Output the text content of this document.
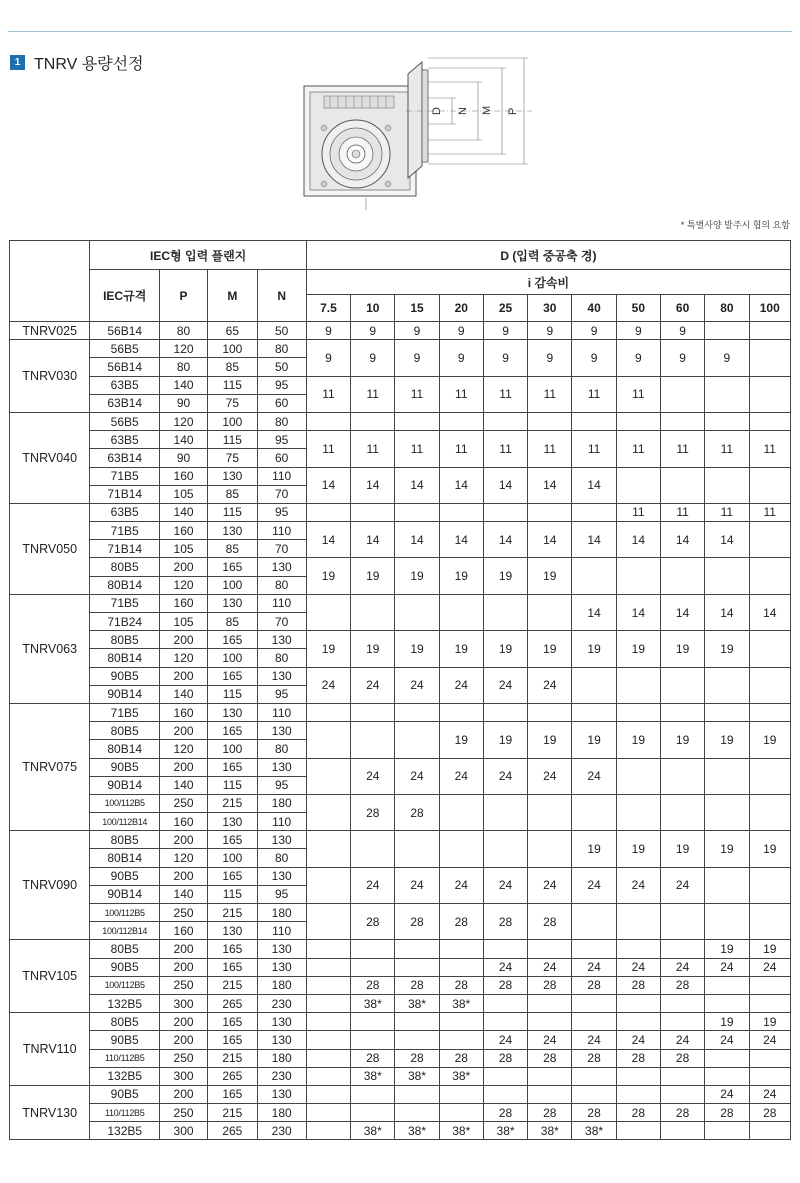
1 TNRV 용량선정
D N M P
* 특별사양 발주시 협의 요함
	IEC형 입력 플랜지				D (입력 중공축 경)										
	IEC규격	P	M	N	i 감속비										
					7.5	10	15	20	25	30	40	50	60	80	100
TNRV025	56B14	80	65	50	9	9	9	9	9	9	9	9	9		
TNRV030	56B5	120	100	80	9	9	9	9	9	9	9	9	9	9	
	56B14	80	85	50											
	63B5	140	115	95	11	11	11	11	11	11	11	11			
	63B14	90	75	60											
TNRV040	56B5	120	100	80											
	63B5	140	115	95	11	11	11	11	11	11	11	11	11	11	11
	63B14	90	75	60											
	71B5	160	130	110	14	14	14	14	14	14	14				
	71B14	105	85	70											
TNRV050	63B5	140	115	95								11	11	11	11
	71B5	160	130	110	14	14	14	14	14	14	14	14	14	14	
	71B14	105	85	70											
	80B5	200	165	130	19	19	19	19	19	19					
	80B14	120	100	80											
TNRV063	71B5	160	130	110							14	14	14	14	14
	71B24	105	85	70											
	80B5	200	165	130	19	19	19	19	19	19	19	19	19	19	
	80B14	120	100	80											
	90B5	200	165	130	24	24	24	24	24	24					
	90B14	140	115	95											
TNRV075	71B5	160	130	110											
	80B5	200	165	130				19	19	19	19	19	19	19	19
	80B14	120	100	80											
	90B5	200	165	130		24	24	24	24	24	24				
	90B14	140	115	95											
	100/112B5	250	215	180		28	28								
	100/112B14	160	130	110											
TNRV090	80B5	200	165	130							19	19	19	19	19
	80B14	120	100	80											
	90B5	200	165	130		24	24	24	24	24	24	24	24		
	90B14	140	115	95											
	100/112B5	250	215	180		28	28	28	28	28					
	100/112B14	160	130	110											
TNRV105	80B5	200	165	130										19	19
	90B5	200	165	130					24	24	24	24	24	24	24
	100/112B5	250	215	180		28	28	28	28	28	28	28	28		
	132B5	300	265	230		38*	38*	38*							
TNRV110	80B5	200	165	130										19	19
	90B5	200	165	130					24	24	24	24	24	24	24
	110/112B5	250	215	180		28	28	28	28	28	28	28	28		
	132B5	300	265	230		38*	38*	38*							
TNRV130	90B5	200	165	130										24	24
	110/112B5	250	215	180					28	28	28	28	28	28	28
	132B5	300	265	230		38*	38*	38*	38*	38*	38*				
